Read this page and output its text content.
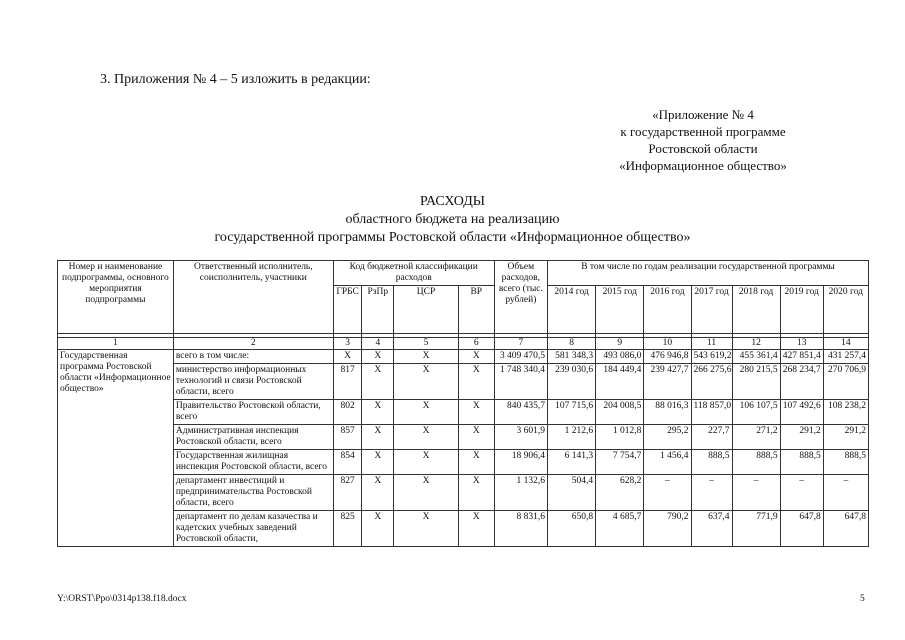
3. Приложения № 4 – 5 изложить в редакции:
«Приложение № 4
к государственной программе
Ростовской области
«Информационное общество»
РАСХОДЫ
областного бюджета на реализацию
государственной программы Ростовской области «Информационное общество»
Номер и наименование подпрограммы, основного мероприятия подпрограммы	Ответственный исполнитель, соисполнитель, участники	Код бюджетной классификации расходов				Объем расходов, всего (тыс. рублей)	В том числе по годам реализации государственной программы						
		ГРБС	РзПр	ЦСР	ВР		2014 год	2015 год	2016 год	2017 год	2018 год	2019 год	2020 год

1	2	3	4	5	6	7	8	9	10	11	12	13	14
Государственная программа Ростовской области «Информационное общество»	всего в том числе:	Х	Х	Х	Х	3 409 470,5	581 348,3	493 086,0	476 946,8	543 619,2	455 361,4	427 851,4	431 257,4
	министерство информационных технологий и связи Ростовской области, всего	817	Х	Х	Х	1 748 340,4	239 030,6	184 449,4	239 427,7	266 275,6	280 215,5	268 234,7	270 706,9
	Правительство Ростовской области, всего	802	Х	Х	Х	840 435,7	107 715,6	204 008,5	88 016,3	118 857,0	106 107,5	107 492,6	108 238,2
	Административная инспекция Ростовской области, всего	857	Х	Х	Х	3 601,9	1 212,6	1 012,8	295,2	227,7	271,2	291,2	291,2
	Государственная жилищная инспекция Ростовской области, всего	854	Х	Х	Х	18 906,4	6 141,3	7 754,7	1 456,4	888,5	888,5	888,5	888,5
	департамент инвестиций и предпринимательства Ростовской области, всего	827	Х	Х	Х	1 132,6	504,4	628,2	–	–	–	–	–
	департамент по делам казачества и кадетских учебных заведений Ростовской области,	825	Х	Х	Х	8 831,6	650,8	4 685,7	790,2	637,4	771,9	647,8	647,8
Y:\ORST\Ppo\0314p138.f18.docx	5
